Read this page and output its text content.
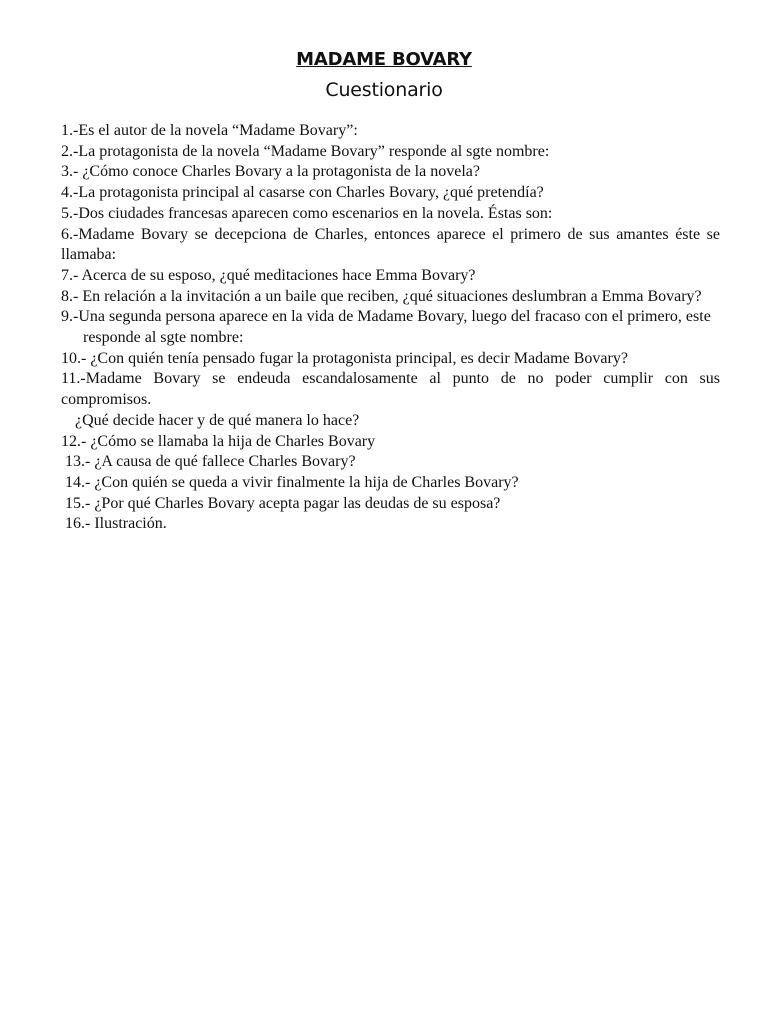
MADAME BOVARY
Cuestionario

1.-Es el autor de la novela “Madame Bovary”:

2.-La protagonista de la novela “Madame Bovary” responde al sgte nombre:

3.- ¿Cómo conoce Charles Bovary a la protagonista de la novela?

4.-La protagonista principal al casarse con Charles Bovary, ¿qué pretendía?

5.-Dos ciudades francesas aparecen como escenarios en la novela. Éstas son:

6.-Madame Bovary se decepciona de Charles, entonces aparece el primero de sus amantes éste se llamaba:

7.- Acerca de su esposo, ¿qué meditaciones hace Emma Bovary?

8.- En relación a la invitación a un baile que reciben, ¿qué situaciones deslumbran a Emma Bovary?

9.-Una segunda persona aparece en la vida de Madame Bovary, luego del fracaso con el primero, este

responde al sgte nombre:

10.- ¿Con quién tenía pensado fugar la protagonista principal, es decir Madame Bovary?

11.-Madame Bovary se endeuda escandalosamente al punto de no poder cumplir con sus compromisos.

¿Qué decide hacer y de qué manera lo hace?

12.- ¿Cómo se llamaba la hija de Charles Bovary

13.- ¿A causa de qué fallece Charles Bovary?

14.- ¿Con quién se queda a vivir finalmente la hija de Charles Bovary?

15.- ¿Por qué Charles Bovary acepta pagar las deudas de su esposa?

16.- Ilustración.
